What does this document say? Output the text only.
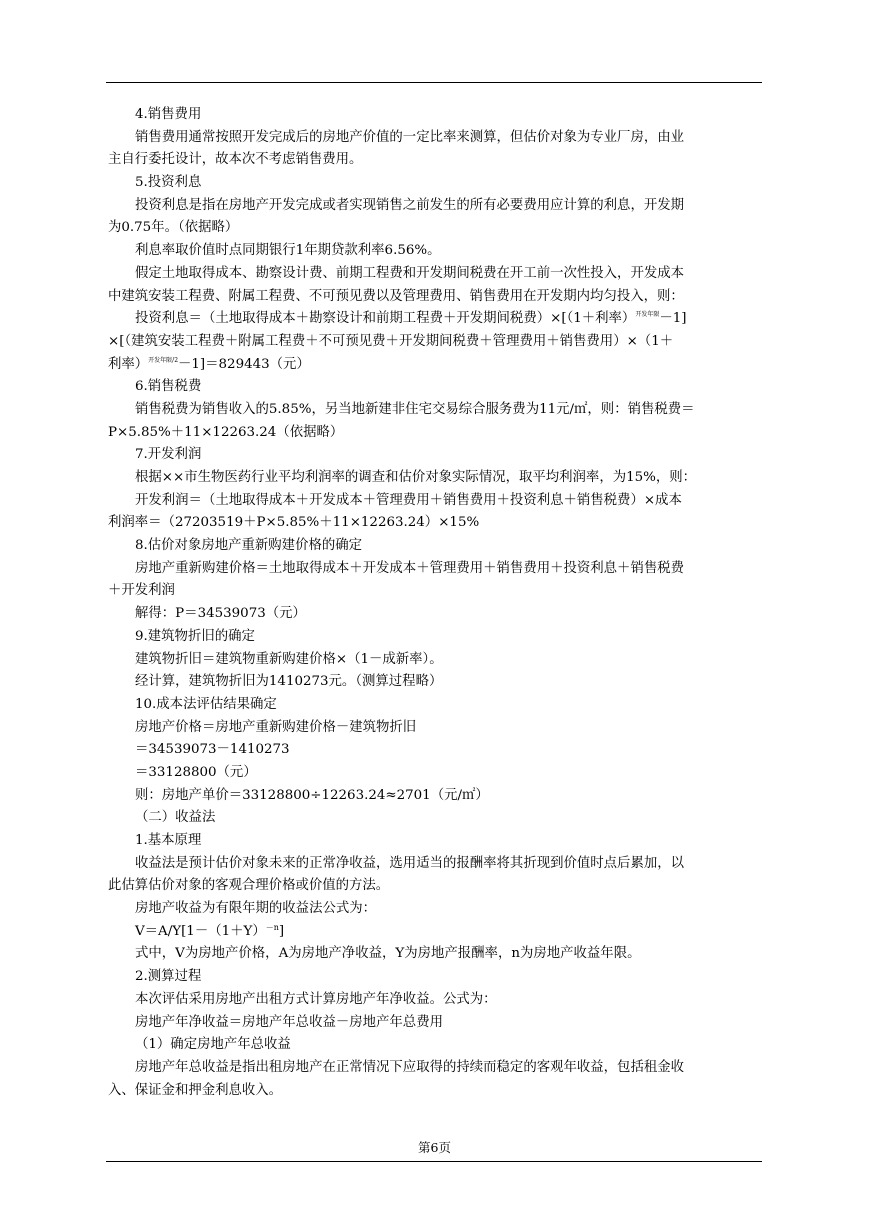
4.销售费用
销售费用通常按照开发完成后的房地产价值的一定比率来测算，但估价对象为专业厂房，由业
主自行委托设计，故本次不考虑销售费用。
5.投资利息
投资利息是指在房地产开发完成或者实现销售之前发生的所有必要费用应计算的利息，开发期
为0.75年。（依据略）
利息率取价值时点同期银行1年期贷款利率6.56%。
假定土地取得成本、勘察设计费、前期工程费和开发期间税费在开工前一次性投入，开发成本
中建筑安装工程费、附属工程费、不可预见费以及管理费用、销售费用在开发期内均匀投入，则：
投资利息＝（土地取得成本＋勘察设计和前期工程费＋开发期间税费）×[（1＋利率）$^{开发年限}$－1]
×[（建筑安装工程费＋附属工程费＋不可预见费＋开发期间税费＋管理费用＋销售费用）×（1＋
利率）$^{开发年限/2}$－1]＝829443（元）
6.销售税费
销售税费为销售收入的5.85%，另当地新建非住宅交易综合服务费为11元/㎡，则：销售税费＝
P×5.85%＋11×12263.24（依据略）
7.开发利润
根据××市生物医药行业平均利润率的调查和估价对象实际情况，取平均利润率，为15%，则：
开发利润＝（土地取得成本＋开发成本＋管理费用＋销售费用＋投资利息＋销售税费）×成本
利润率＝（27203519＋P×5.85%＋11×12263.24）×15%
8.估价对象房地产重新购建价格的确定
房地产重新购建价格＝土地取得成本＋开发成本＋管理费用＋销售费用＋投资利息＋销售税费
＋开发利润
解得：P＝34539073（元）
9.建筑物折旧的确定
建筑物折旧＝建筑物重新购建价格×（1－成新率）。
经计算，建筑物折旧为1410273元。（测算过程略）
10.成本法评估结果确定
房地产价格＝房地产重新购建价格－建筑物折旧
＝34539073－1410273
＝33128800（元）
则：房地产单价＝33128800÷12263.24≈2701（元/㎡）
（二）收益法
1.基本原理
收益法是预计估价对象未来的正常净收益，选用适当的报酬率将其折现到价值时点后累加，以
此估算估价对象的客观合理价格或价值的方法。
房地产收益为有限年期的收益法公式为：
$V=A/Y[1-(1+Y)^{-n}]$
式中，V为房地产价格，A为房地产净收益，Y为房地产报酬率，n为房地产收益年限。
2.测算过程
本次评估采用房地产出租方式计算房地产年净收益。公式为：
房地产年净收益＝房地产年总收益－房地产年总费用
（1）确定房地产年总收益
房地产年总收益是指出租房地产在正常情况下应取得的持续而稳定的客观年收益，包括租金收
入、保证金和押金利息收入。
第6页
